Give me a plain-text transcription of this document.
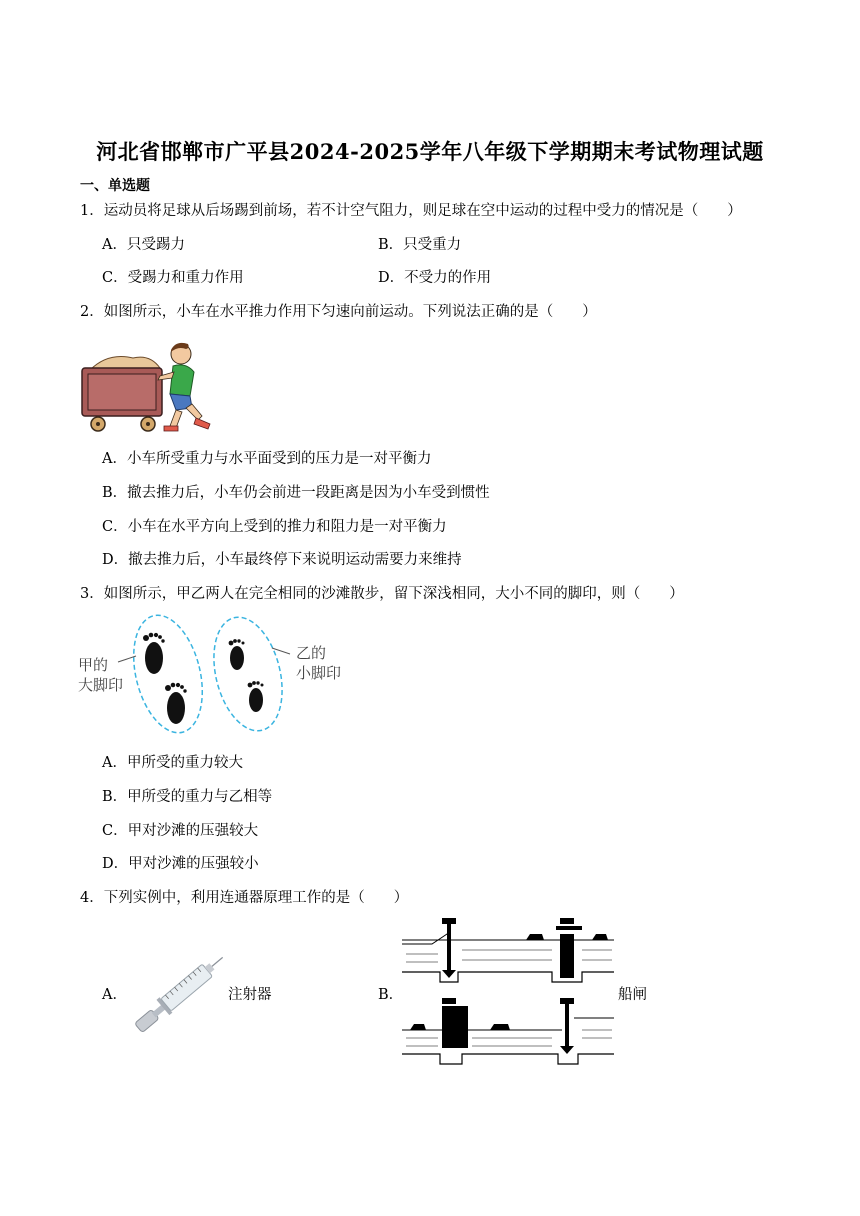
河北省邯郸市广平县2024-2025学年八年级下学期期末考试物理试题
一、单选题
1．运动员将足球从后场踢到前场，若不计空气阻力，则足球在空中运动的过程中受力的情况是（　　）
A．只受踢力	B．只受重力
C．受踢力和重力作用	D．不受力的作用
2．如图所示，小车在水平推力作用下匀速向前运动。下列说法正确的是（　　）
A．小车所受重力与水平面受到的压力是一对平衡力
B．撤去推力后，小车仍会前进一段距离是因为小车受到惯性
C．小车在水平方向上受到的推力和阻力是一对平衡力
D．撤去推力后，小车最终停下来说明运动需要力来维持
3．如图所示，甲乙两人在完全相同的沙滩散步，留下深浅相同，大小不同的脚印，则（　　）
甲的
大脚印
乙的
小脚印
A．甲所受的重力较大
B．甲所受的重力与乙相等
C．甲对沙滩的压强较大
D．甲对沙滩的压强较小
4．下列实例中，利用连通器原理工作的是（　　）
A．	注射器	B．	船闸
